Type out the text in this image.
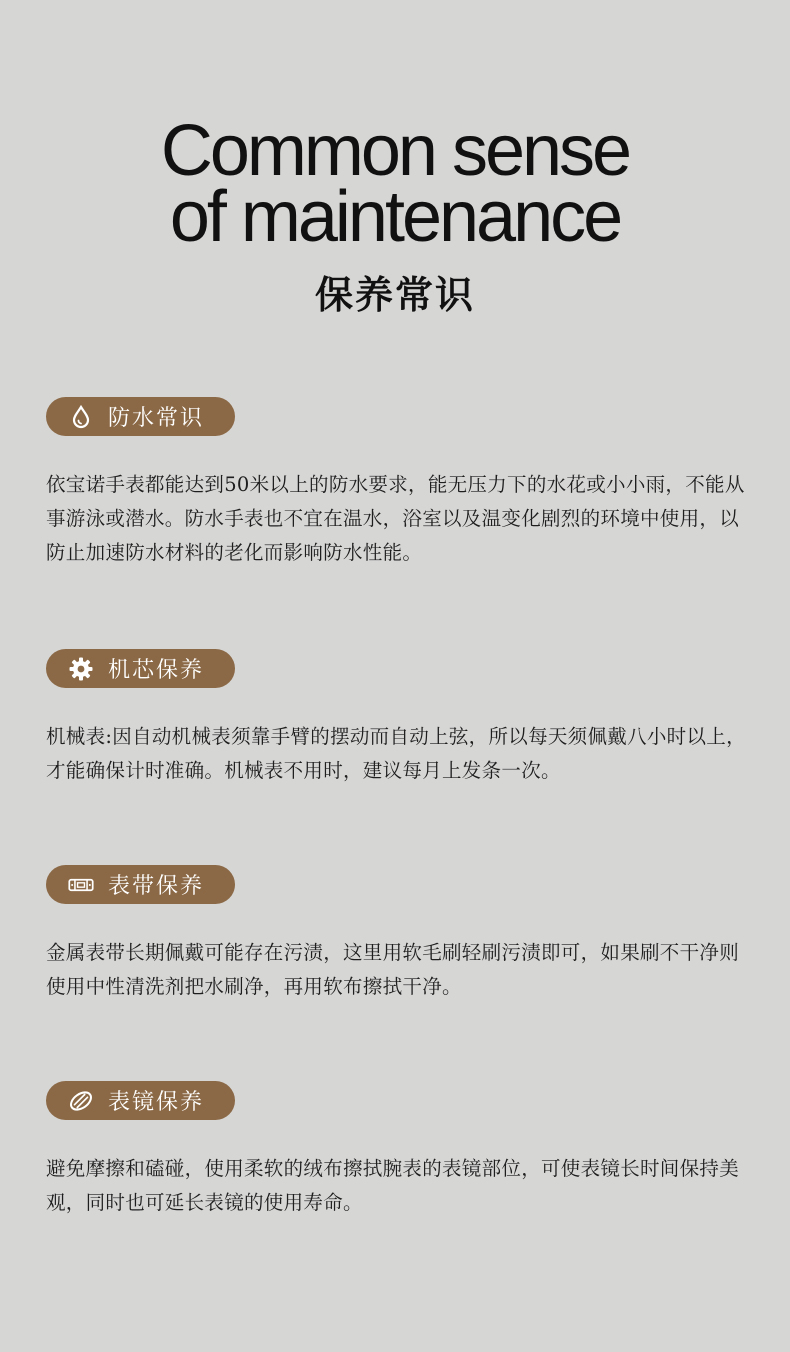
Common sense
of maintenance
保养常识
防水常识
依宝诺手表都能达到50米以上的防水要求，能无压力下的水花或小小雨，不能从事游泳或潜水。防水手表也不宜在温水，浴室以及温变化剧烈的环境中使用，以防止加速防水材料的老化而影响防水性能。
机芯保养
机械表:因自动机械表须靠手臂的摆动而自动上弦，所以每天须佩戴八小时以上，才能确保计时准确。机械表不用时，建议每月上发条一次。
表带保养
金属表带长期佩戴可能存在污渍，这里用软毛刷轻刷污渍即可，如果刷不干净则使用中性清洗剂把水刷净，再用软布擦拭干净。
表镜保养
避免摩擦和磕碰，使用柔软的绒布擦拭腕表的表镜部位，可使表镜长时间保持美观，同时也可延长表镜的使用寿命。
